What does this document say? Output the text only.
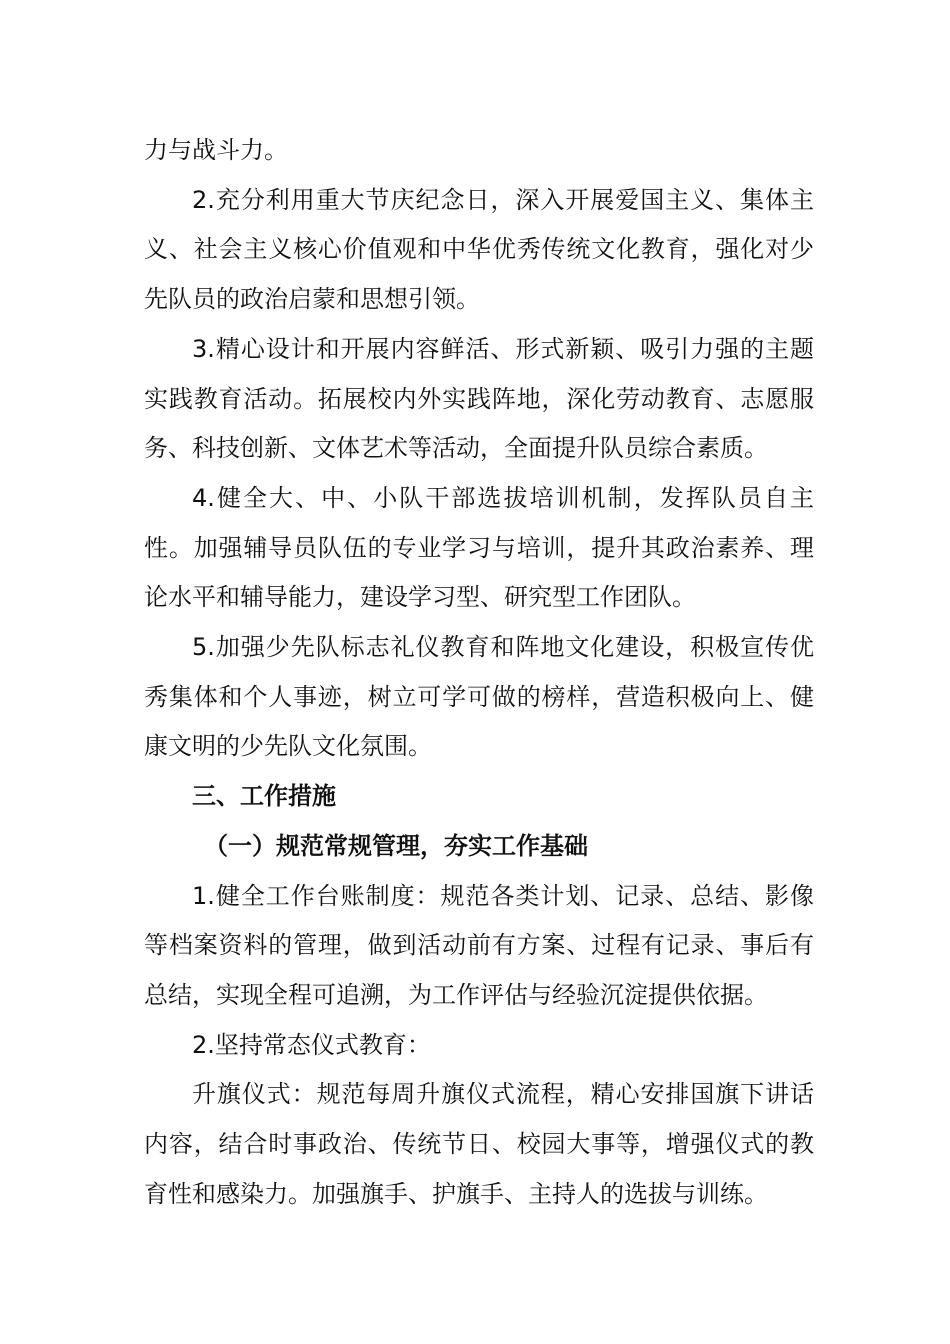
力与战斗力。

2.充分利用重大节庆纪念日，深入开展爱国主义、集体主义、社会主义核心价值观和中华优秀传统文化教育，强化对少先队员的政治启蒙和思想引领。

3.精心设计和开展内容鲜活、形式新颖、吸引力强的主题实践教育活动。拓展校内外实践阵地，深化劳动教育、志愿服务、科技创新、文体艺术等活动，全面提升队员综合素质。

4.健全大、中、小队干部选拔培训机制，发挥队员自主性。加强辅导员队伍的专业学习与培训，提升其政治素养、理论水平和辅导能力，建设学习型、研究型工作团队。

5.加强少先队标志礼仪教育和阵地文化建设，积极宣传优秀集体和个人事迹，树立可学可做的榜样，营造积极向上、健康文明的少先队文化氛围。

三、工作措施

（一）规范常规管理，夯实工作基础

1.健全工作台账制度：规范各类计划、记录、总结、影像等档案资料的管理，做到活动前有方案、过程有记录、事后有总结，实现全程可追溯，为工作评估与经验沉淀提供依据。

2.坚持常态仪式教育：

升旗仪式：规范每周升旗仪式流程，精心安排国旗下讲话内容，结合时事政治、传统节日、校园大事等，增强仪式的教育性和感染力。加强旗手、护旗手、主持人的选拔与训练。
